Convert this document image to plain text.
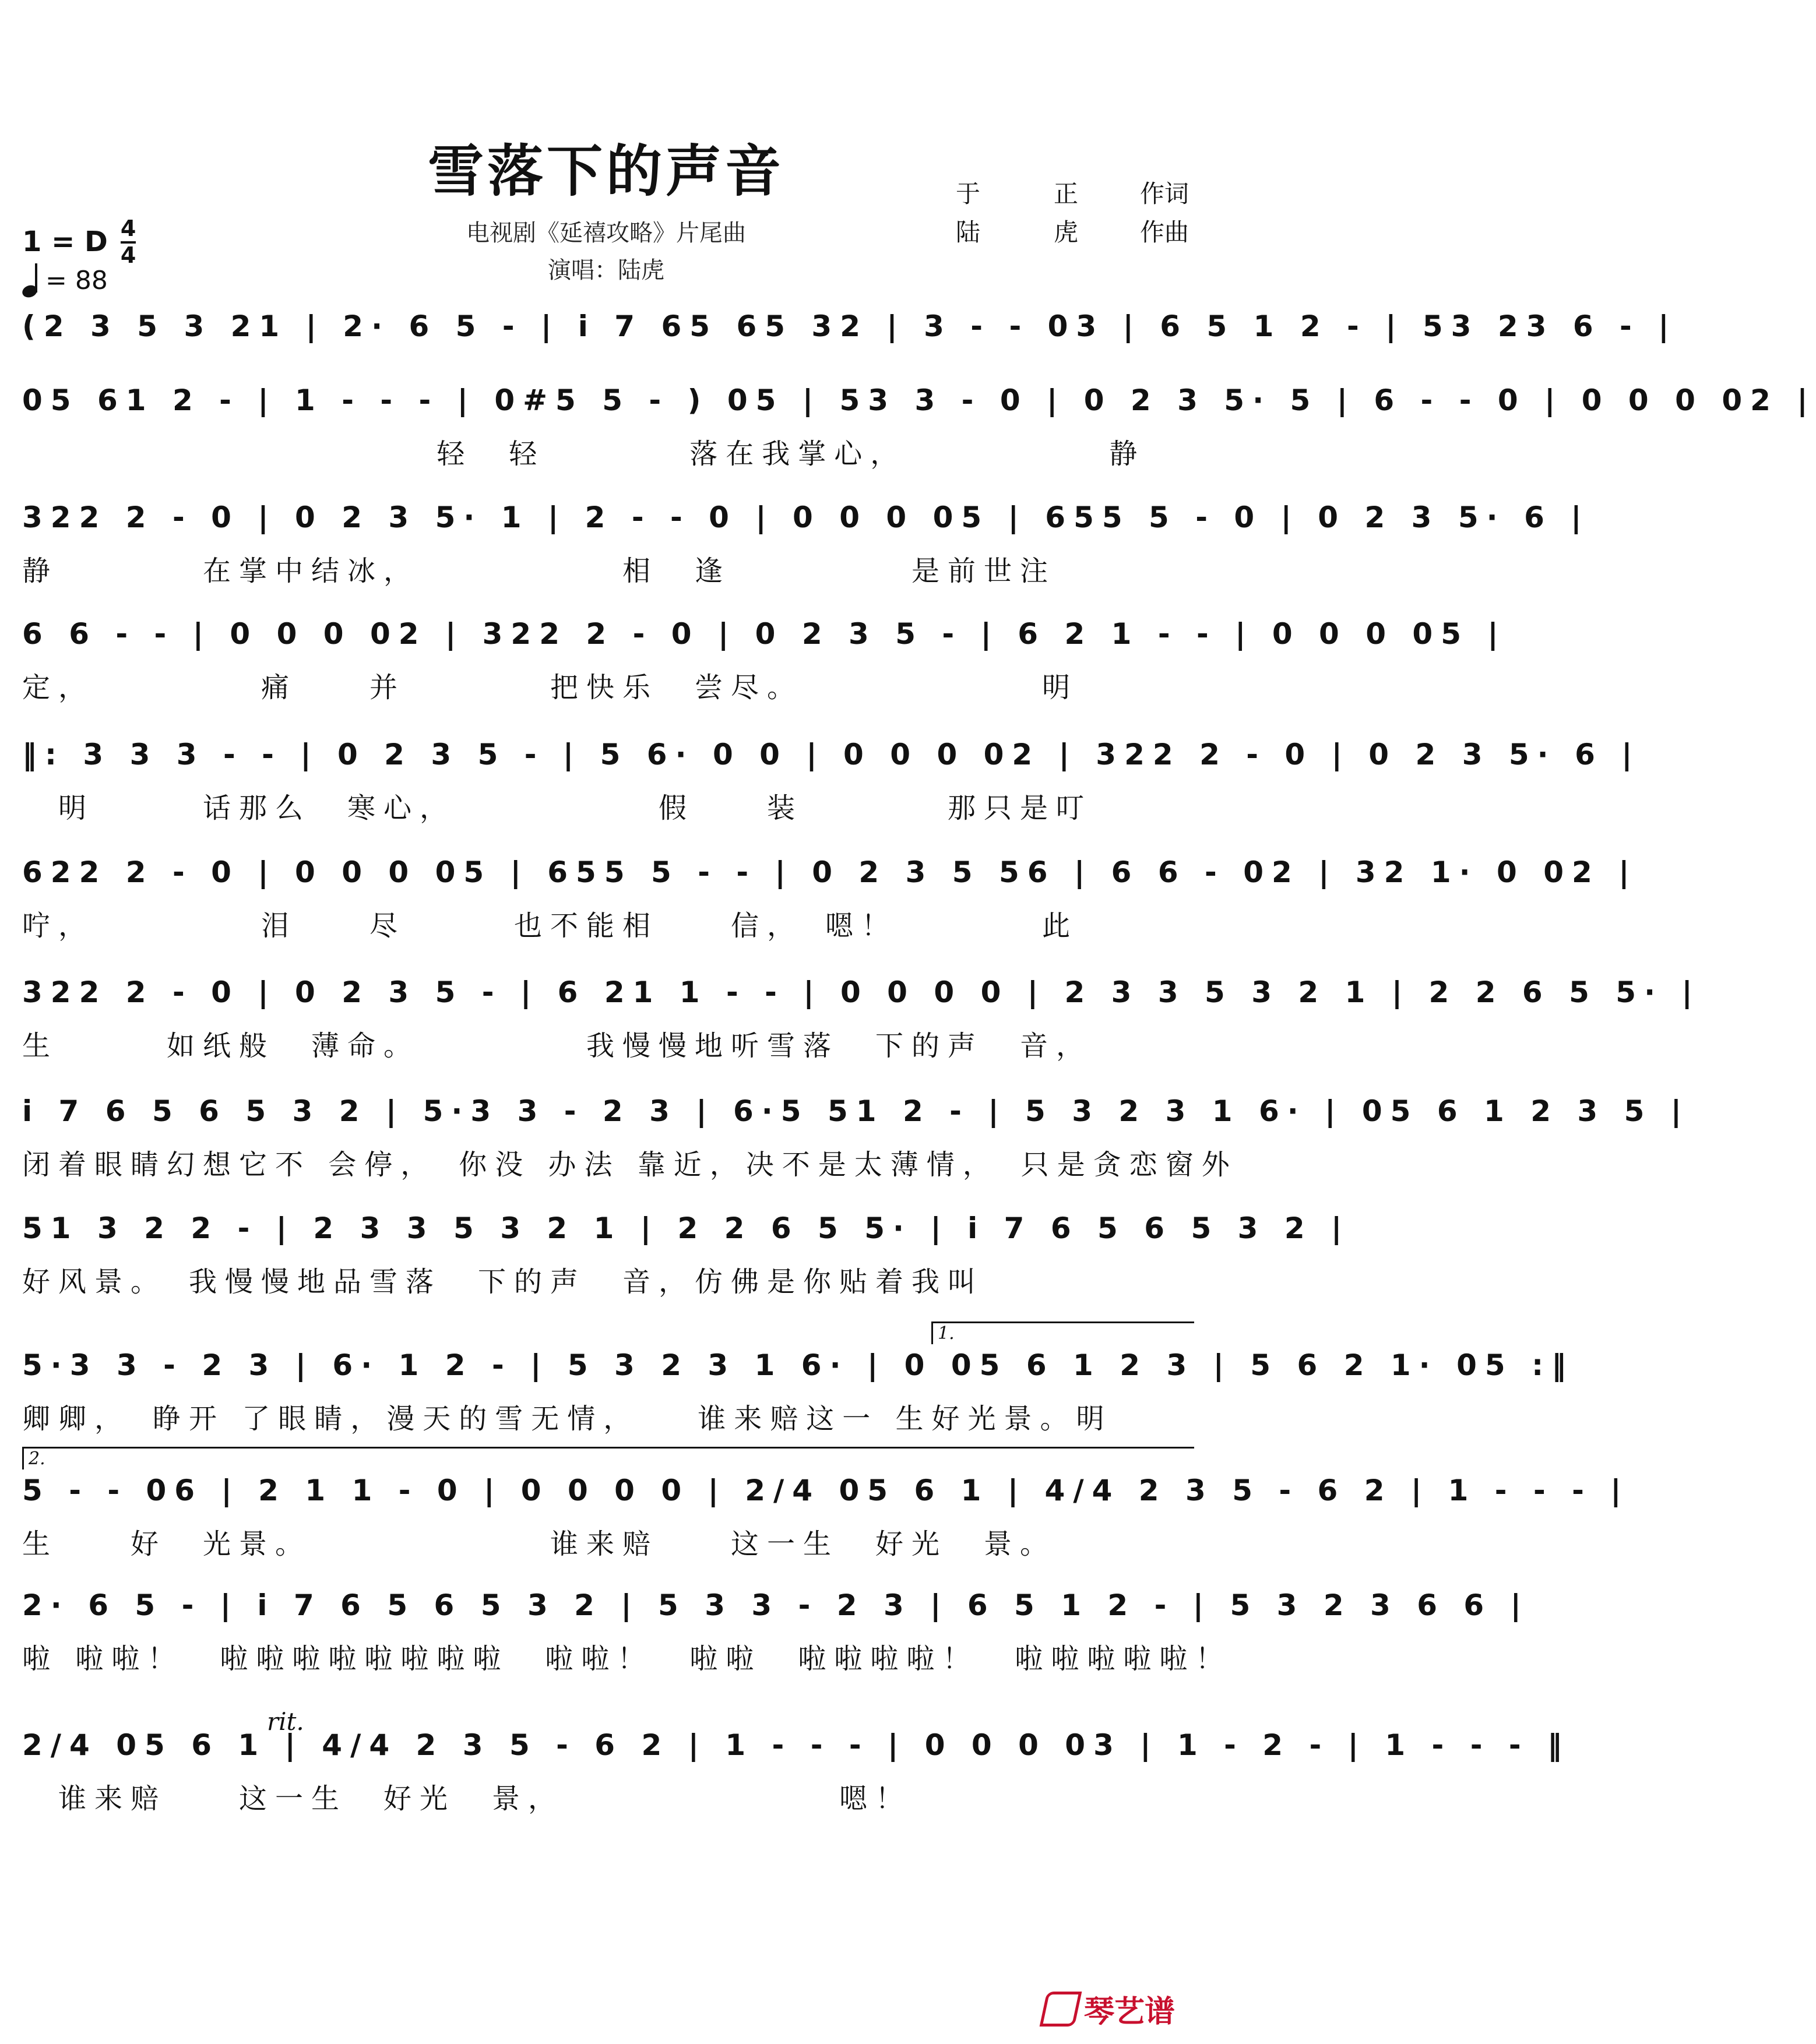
雪落下的声音
电视剧《延禧攻略》片尾曲
演唱：陆虎
于	正	作词
陆	虎	作曲
1 = D 4
4
= 88
(2 3 5 3 21 | 2· 6 5 - | i 7 65 65 32 | 3 - - 03 | 6 5 1 2 - | 53 23 6 - |
05 61 2 - | 1 - - - | 0#5 5 - ) 05 | 53 3 - 0 | 0 2 3 5· 5 | 6 - - 0 | 0 0 0 02 |
　　　　　　　　　　　 轻　轻　　　　落在我掌心，　　　　　　静
322 2 - 0 | 0 2 3 5· 1 | 2 - - 0 | 0 0 0 05 | 655 5 - 0 | 0 2 3 5· 6 |
静　　　　在掌中结冰，　　　　　　相　逢　　　　　是前世注
6 6 - - | 0 0 0 02 | 322 2 - 0 | 0 2 3 5 - | 6 2 1 - - | 0 0 0 05 |
定，　　　　　痛　　并　　　　把快乐　尝尽。　　　　　　　明
‖: 3 3 3 - - | 0 2 3 5 - | 5 6· 0 0 | 0 0 0 02 | 322 2 - 0 | 0 2 3 5· 6 |
　明　　　话那么　寒心，　　　　　　假　　装　　　　那只是叮
622 2 - 0 | 0 0 0 05 | 655 5 - - | 0 2 3 5 56 | 6 6 - 02 | 32 1· 0 02 |
咛，　　　　　泪　　尽　　　也不能相　　信，　嗯！　　　　此
322 2 - 0 | 0 2 3 5 - | 6 21 1 - - | 0 0 0 0 | 2 3 3 5 3 2 1 | 2 2 6 5 5· |
生　　　如纸般　薄命。　　　　　我慢慢地听雪落　下的声　音，
i 7 6 5 6 5 3 2 | 5·3 3 - 2 3 | 6·5 51 2 - | 5 3 2 3 1 6· | 05 6 1 2 3 5 |
闭着眼睛幻想它不 会停，　你没 办法 靠近，决不是太薄情，　只是贪恋窗外
51 3 2 2 - | 2 3 3 5 3 2 1 | 2 2 6 5 5· | i 7 6 5 6 5 3 2 |
好风景。　我慢慢地品雪落　下的声　音，仿佛是你贴着我叫
5·3 3 - 2 3 | 6· 1 2 - | 5 3 2 3 1 6· | 0 05 6 1 2 3 | 5 6 2 1· 05 :‖
卿卿，　睁开 了眼睛，漫天的雪无情，　　谁来赔这一 生好光景。明
1.
5 - - 06 | 2 1 1 - 0 | 0 0 0 0 | 2/4 05 6 1 | 4/4 2 3 5 - 6 2 | 1 - - - |
生　　好　光景。　　　　　　　谁来赔　　这一生　好光　景。
2.
2· 6 5 - | i 7 6 5 6 5 3 2 | 5 3 3 - 2 3 | 6 5 1 2 - | 5 3 2 3 6 6 |
啦 啦啦！　啦啦啦啦啦啦啦啦　啦啦！　啦啦　啦啦啦啦！　啦啦啦啦啦！
2/4 05 6 1 | 4/4 2 3 5 - 6 2 | 1 - - - | 0 0 0 03 | 1 - 2 - | 1 - - - ‖
　谁来赔　　这一生　好光　景，　　　　　　　　嗯！
rit.
琴艺谱
